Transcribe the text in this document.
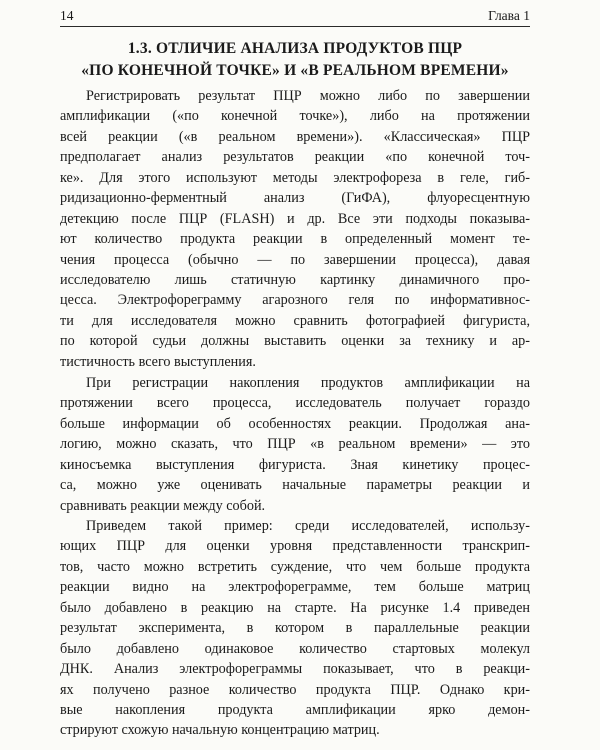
14	Глава 1
1.3. ОТЛИЧИЕ АНАЛИЗА ПРОДУКТОВ ПЦР
«ПО КОНЕЧНОЙ ТОЧКЕ» И «В РЕАЛЬНОМ ВРЕМЕНИ»
Регистрировать результат ПЦР можно либо по завершении
амплификации («по конечной точке»), либо на протяжении
всей реакции («в реальном времени»). «Классическая» ПЦР
предполагает анализ результатов реакции «по конечной точ-
ке». Для этого используют методы электрофореза в геле, гиб-
ридизационно-ферментный анализ (ГиФА), флуоресцентную
детекцию после ПЦР (FLASH) и др. Все эти подходы показыва-
ют количество продукта реакции в определенный момент те-
чения процесса (обычно — по завершении процесса), давая
исследователю лишь статичную картинку динамичного про-
цесса. Электрофореграмму агарозного геля по информативнос-
ти для исследователя можно сравнить фотографией фигуриста,
по которой судьи должны выставить оценки за технику и ар-
тистичность всего выступления.
При регистрации накопления продуктов амплификации на
протяжении всего процесса, исследователь получает гораздо
больше информации об особенностях реакции. Продолжая ана-
логию, можно сказать, что ПЦР «в реальном времени» — это
киносъемка выступления фигуриста. Зная кинетику процес-
са, можно уже оценивать начальные параметры реакции и
сравнивать реакции между собой.
Приведем такой пример: среди исследователей, использу-
ющих ПЦР для оценки уровня представленности транскрип-
тов, часто можно встретить суждение, что чем больше продукта
реакции видно на электрофореграмме, тем больше матриц
было добавлено в реакцию на старте. На рисунке 1.4 приведен
результат эксперимента, в котором в параллельные реакции
было добавлено одинаковое количество стартовых молекул
ДНК. Анализ электрофореграммы показывает, что в реакци-
ях получено разное количество продукта ПЦР. Однако кри-
вые накопления продукта амплификации ярко демон-
стрируют схожую начальную концентрацию матриц.
